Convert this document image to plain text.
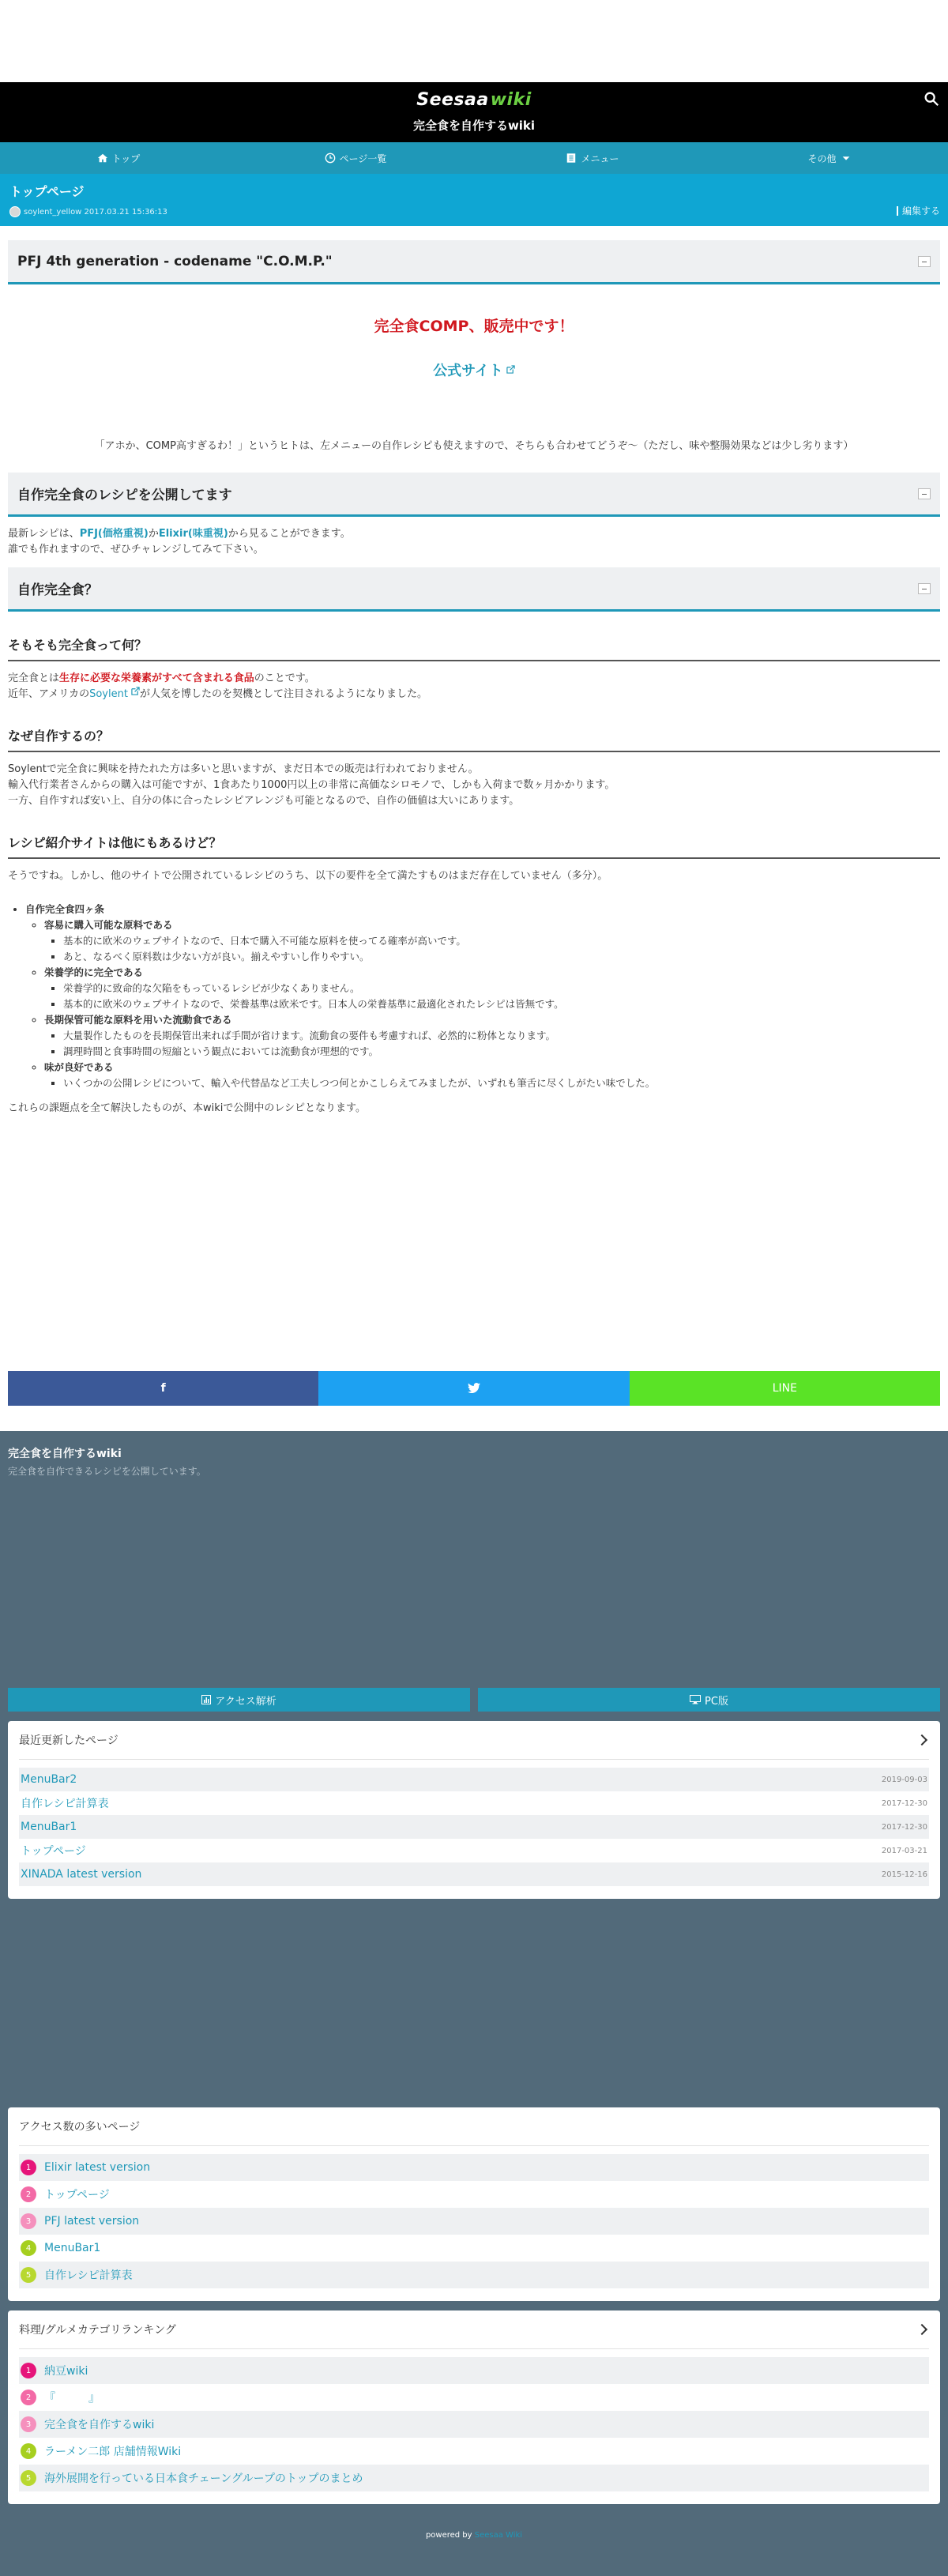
Seesaawiki
完全食を自作するwiki
トップ	ページ一覧	メニュー	その他
トップページ
soylent_yellow 2017.03.21 15:36:13	編集する
PFJ 4th generation - codename "C.O.M.P."
完全食COMP、販売中です！
公式サイト
「アホか、COMP高すぎるわ！」というヒトは、左メニューの自作レシピも使えますので、そちらも合わせてどうぞ〜（ただし、味や整腸効果などは少し劣ります）
自作完全食のレシピを公開してます

最新レシピは、PFJ(価格重視)かElixir(味重視)から見ることができます。

誰でも作れますので、ぜひチャレンジしてみて下さい。

自作完全食？
そもそも完全食って何？

完全食とは生存に必要な栄養素がすべて含まれる食品のことです。

近年、アメリカのSoylent が人気を博したのを契機として注目されるようになりました。

なぜ自作するの？

Soylentで完全食に興味を持たれた方は多いと思いますが、まだ日本での販売は行われておりません。

輸入代行業者さんからの購入は可能ですが、1食あたり1000円以上の非常に高価なシロモノで、しかも入荷まで数ヶ月かかります。

一方、自作すれば安い上、自分の体に合ったレシピアレンジも可能となるので、自作の価値は大いにあります。

レシピ紹介サイトは他にもあるけど？

そうですね。しかし、他のサイトで公開されているレシピのうち、以下の要件を全て満たすものはまだ存在していません（多分）。

• 自作完全食四ヶ条
◦ 容易に購入可能な原料である
▪ 基本的に欧米のウェブサイトなので、日本で購入不可能な原料を使ってる確率が高いです。
▪ あと、なるべく原料数は少ない方が良い。揃えやすいし作りやすい。
◦ 栄養学的に完全である
▪ 栄養学的に致命的な欠陥をもっているレシピが少なくありません。
▪ 基本的に欧米のウェブサイトなので、栄養基準は欧米です。日本人の栄養基準に最適化されたレシピは皆無です。
◦ 長期保管可能な原料を用いた流動食である
▪ 大量製作したものを長期保管出来れば手間が省けます。流動食の要件も考慮すれば、必然的に粉体となります。
▪ 調理時間と食事時間の短縮という観点においては流動食が理想的です。
◦ 味が良好である
▪ いくつかの公開レシピについて、輸入や代替品など工夫しつつ何とかこしらえてみましたが、いずれも筆舌に尽くしがたい味でした。

これらの課題点を全て解決したものが、本wikiで公開中のレシピとなります。

f	LINE
完全食を自作するwiki
完全食を自作できるレシピを公開しています。
アクセス解析	PC版
最近更新したページ
MenuBar2	2019-09-03
自作レシピ計算表	2017-12-30
MenuBar1	2017-12-30
トップページ	2017-03-21
XINADA latest version	2015-12-16
アクセス数の多いページ
1	Elixir latest version
2	トップページ
3	PFJ latest version
4	MenuBar1
5	自作レシピ計算表
料理/グルメカテゴリランキング
1	納豆wiki
2	『　　　』
3	完全食を自作するwiki
4	ラーメン二郎 店舗情報Wiki
5	海外展開を行っている日本食チェーングループのトップのまとめ
powered by Seesaa Wiki
